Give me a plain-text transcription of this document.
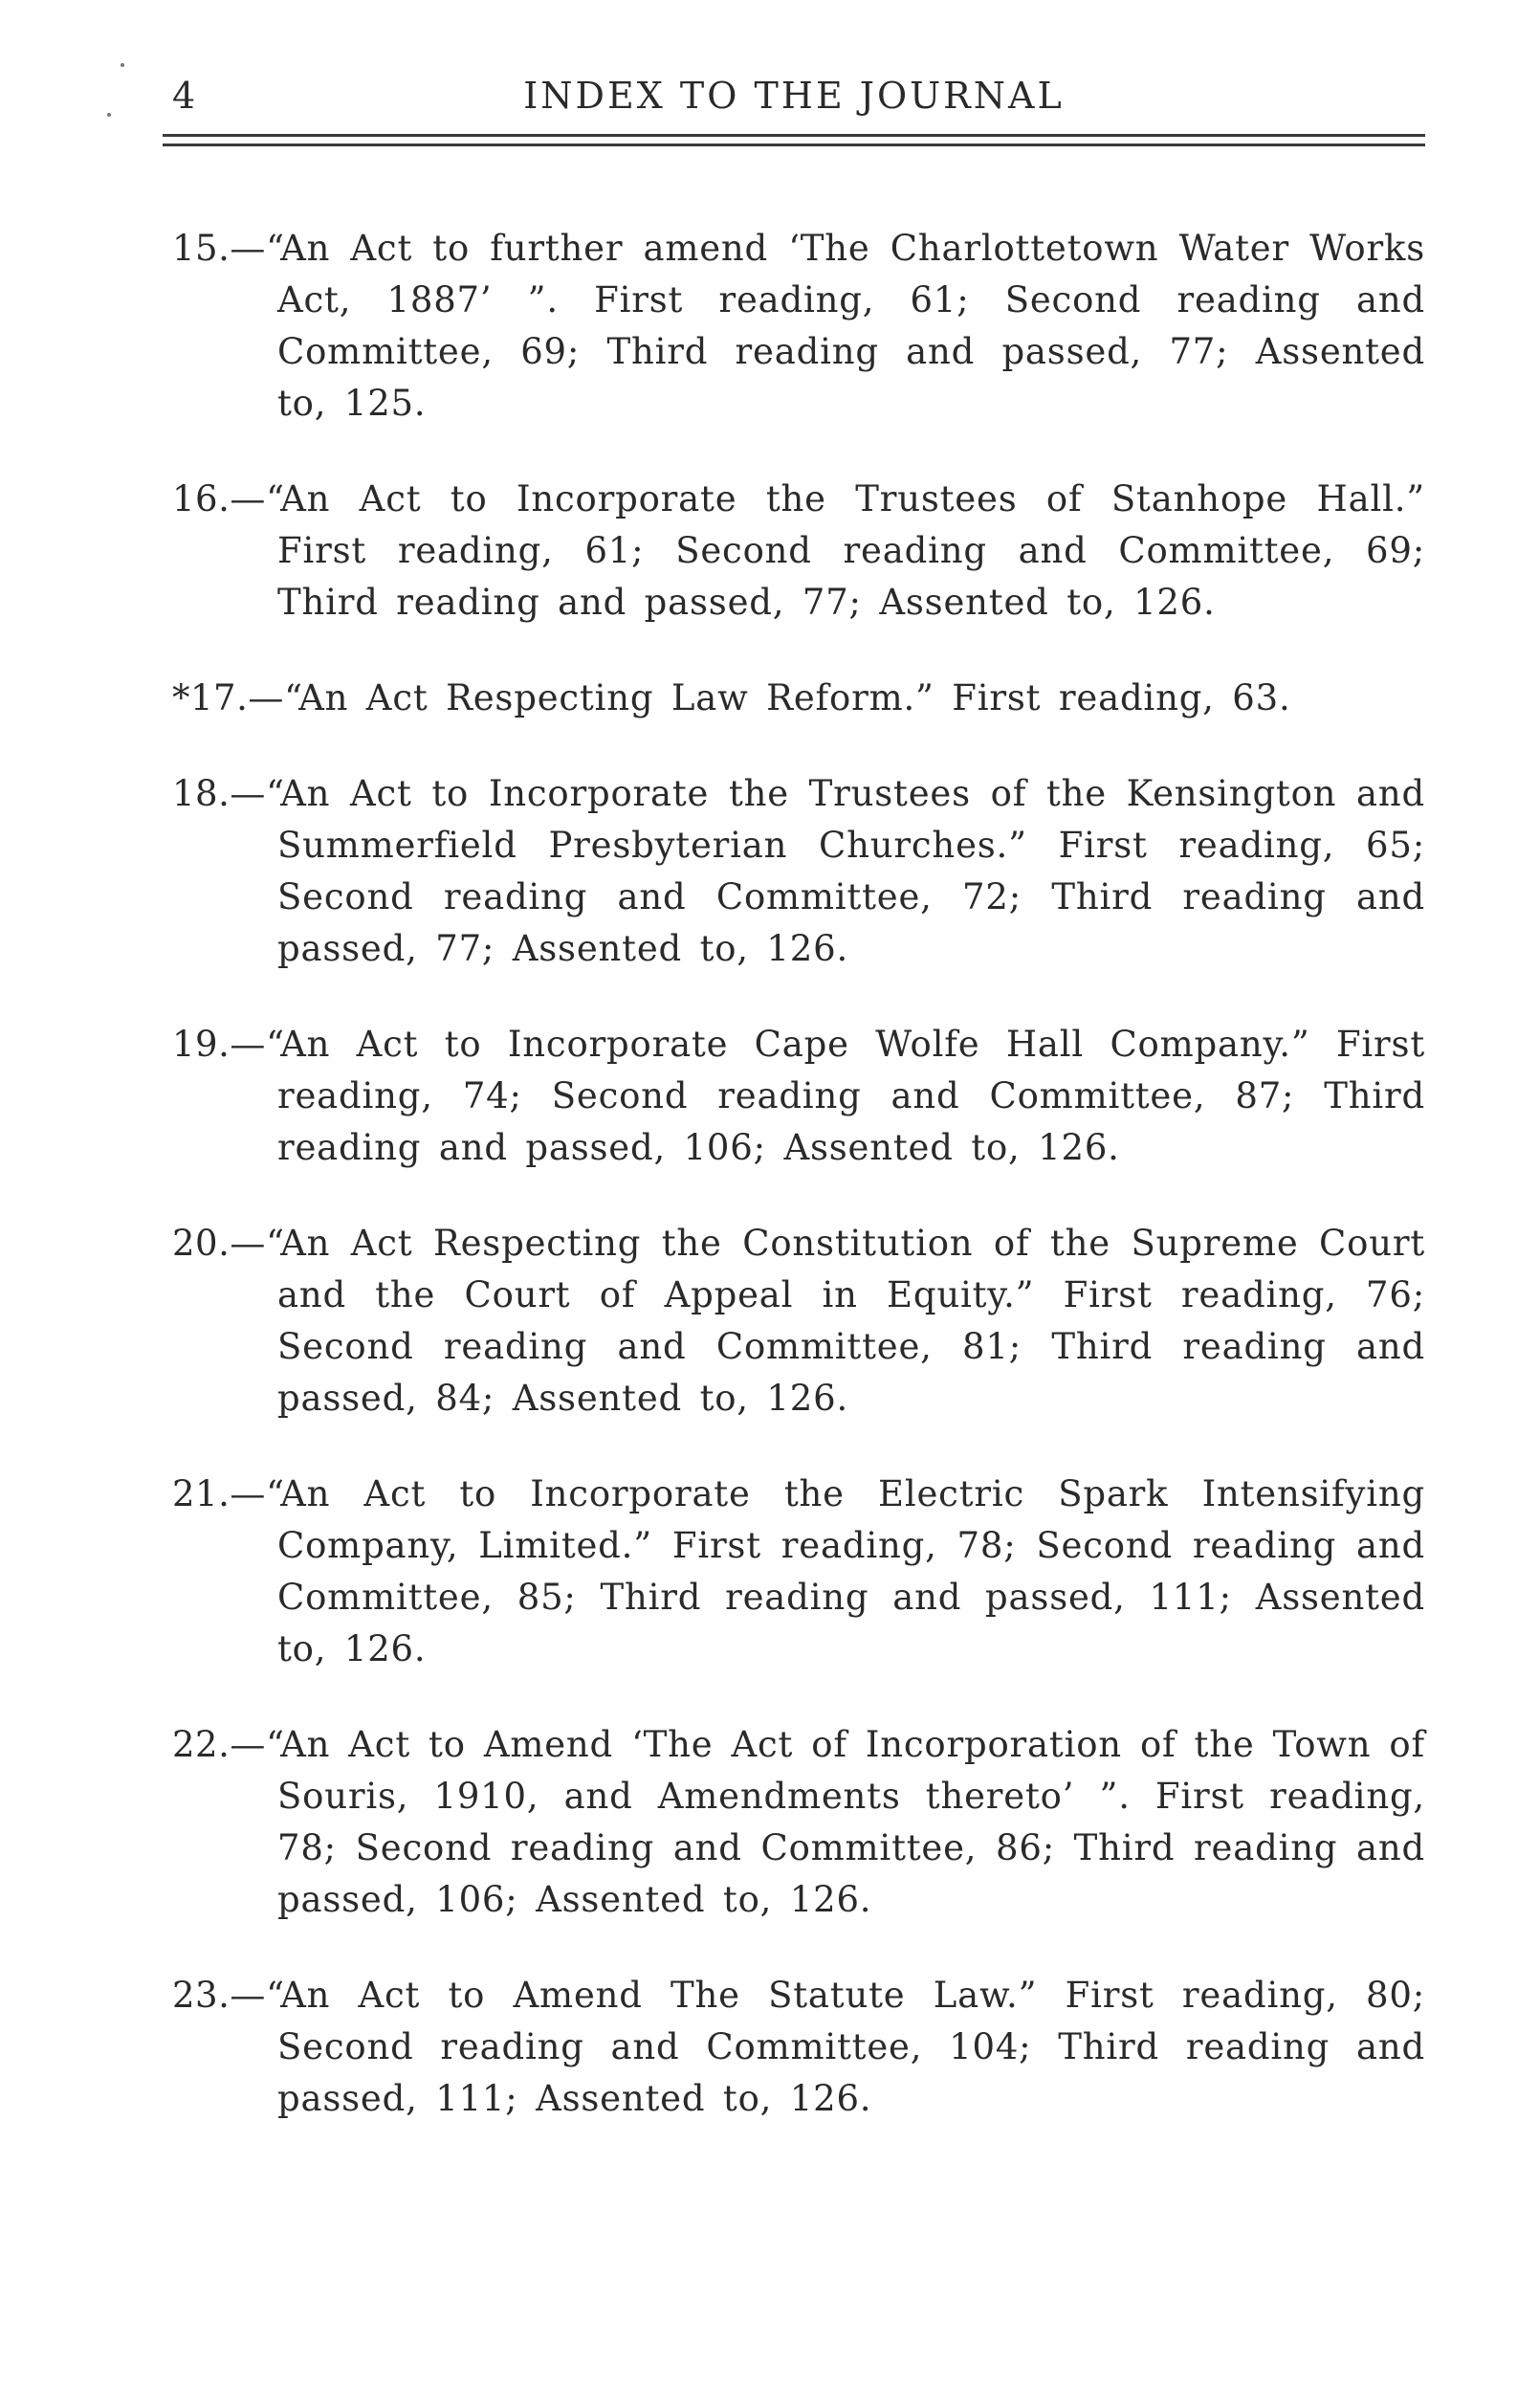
4	INDEX TO THE JOURNAL

15.—“An Act to further amend ‘The Charlottetown Water Works Act, 1887’ ”. First reading, 61; Second reading and Committee, 69; Third reading and passed, 77; Assented to, 125.

16.—“An Act to Incorporate the Trustees of Stanhope Hall.” First reading, 61; Second reading and Committee, 69; Third reading and passed, 77; Assented to, 126.

*17.—“An Act Respecting Law Reform.” First reading, 63.

18.—“An Act to Incorporate the Trustees of the Kensington and Summerfield Presbyterian Churches.” First reading, 65; Second reading and Committee, 72; Third reading and passed, 77; Assented to, 126.

19.—“An Act to Incorporate Cape Wolfe Hall Company.” First reading, 74; Second reading and Committee, 87; Third reading and passed, 106; Assented to, 126.

20.—“An Act Respecting the Constitution of the Supreme Court and the Court of Appeal in Equity.” First reading, 76; Second reading and Committee, 81; Third reading and passed, 84; Assented to, 126.

21.—“An Act to Incorporate the Electric Spark Intensifying Company, Limited.” First reading, 78; Second reading and Committee, 85; Third reading and passed, 111; Assented to, 126.

22.—“An Act to Amend ‘The Act of Incorporation of the Town of Souris, 1910, and Amendments thereto’ ”. First reading, 78; Second reading and Committee, 86; Third reading and passed, 106; Assented to, 126.

23.—“An Act to Amend The Statute Law.” First reading, 80; Second reading and Committee, 104; Third reading and passed, 111; Assented to, 126.
